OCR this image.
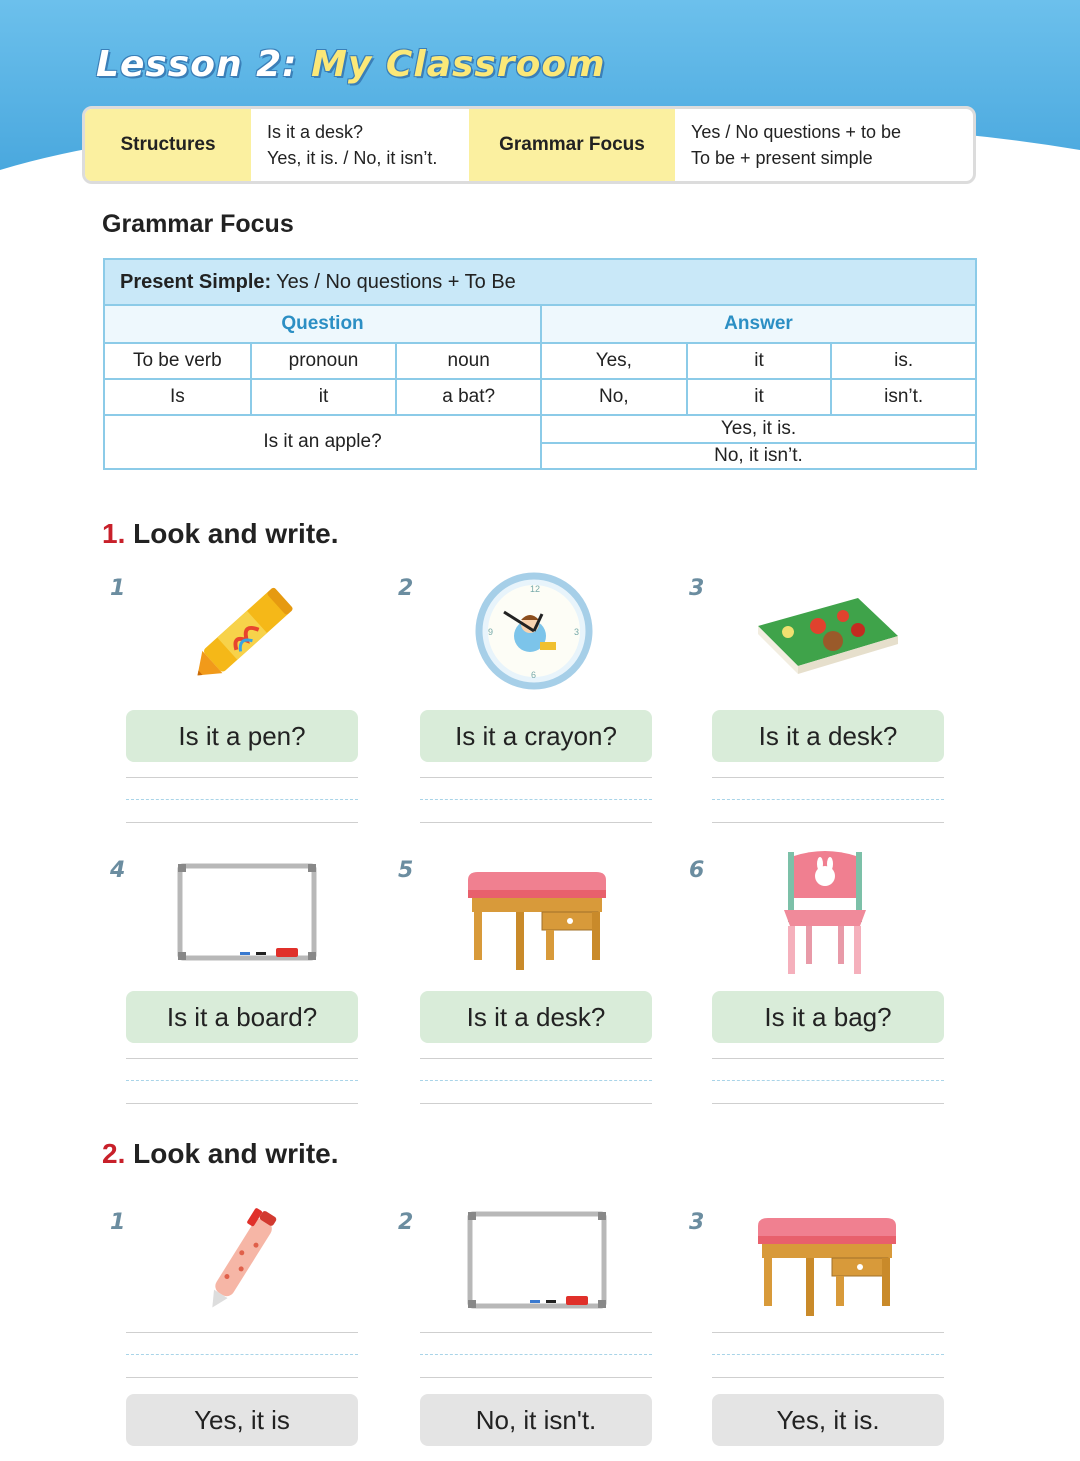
Lesson 2: My Classroom
Structures
Is it a desk?
Yes, it is. / No, it isn’t.
Grammar Focus
Yes / No questions + to be
To be + present simple
Grammar Focus
Present Simple: Yes / No questions + To Be
Question	Answer
To be verb	pronoun	noun	Yes,	it	is.
Is	it	a bat?	No,	it	isn’t.
Is it an apple?
Yes, it is.
No, it isn’t.
1. Look and write.
1	2	3
4	5	6
12
3
6
9
Is it a pen?	Is it a crayon?	Is it a desk?
Is it a board?	Is it a desk?	Is it a bag?
2. Look and write.
1	2	3
Yes, it is	No, it isn't.	Yes, it is.
